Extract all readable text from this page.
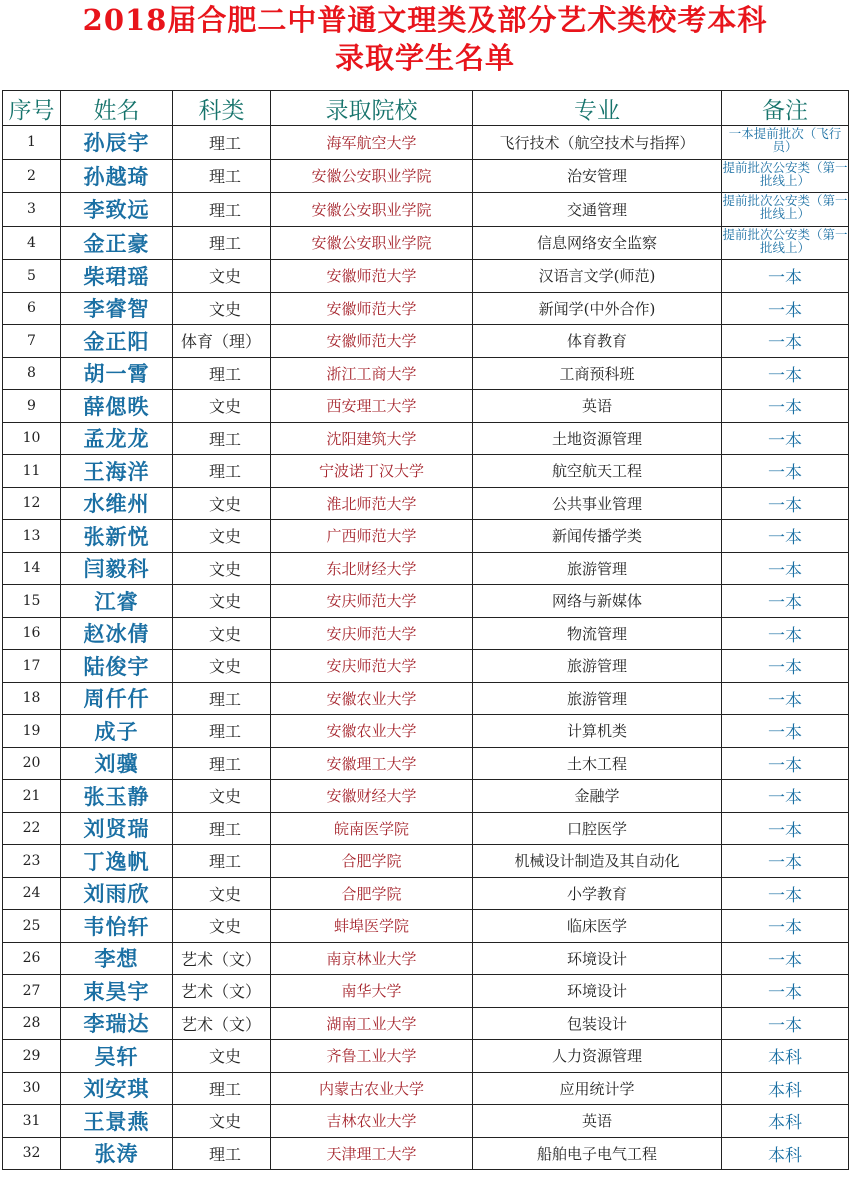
2018届合肥二中普通文理类及部分艺术类校考本科
录取学生名单
序号	姓名	科类	录取院校	专业	备注
1	孙辰宇	理工	海军航空大学	飞行技术（航空技术与指挥）	一本提前批次（飞行员）
2	孙越琦	理工	安徽公安职业学院	治安管理	提前批次公安类（第一批线上）
3	李致远	理工	安徽公安职业学院	交通管理	提前批次公安类（第一批线上）
4	金正豪	理工	安徽公安职业学院	信息网络安全监察	提前批次公安类（第一批线上）
5	柴珺瑶	文史	安徽师范大学	汉语言文学(师范)	一本
6	李睿智	文史	安徽师范大学	新闻学(中外合作)	一本
7	金正阳	体育（理）	安徽师范大学	体育教育	一本
8	胡一霄	理工	浙江工商大学	工商预科班	一本
9	薛偲昳	文史	西安理工大学	英语	一本
10	孟龙龙	理工	沈阳建筑大学	土地资源管理	一本
11	王海洋	理工	宁波诺丁汉大学	航空航天工程	一本
12	水维州	文史	淮北师范大学	公共事业管理	一本
13	张新悦	文史	广西师范大学	新闻传播学类	一本
14	闫毅科	文史	东北财经大学	旅游管理	一本
15	江睿	文史	安庆师范大学	网络与新媒体	一本
16	赵冰倩	文史	安庆师范大学	物流管理	一本
17	陆俊宇	文史	安庆师范大学	旅游管理	一本
18	周仟仟	理工	安徽农业大学	旅游管理	一本
19	成子	理工	安徽农业大学	计算机类	一本
20	刘骥	理工	安徽理工大学	土木工程	一本
21	张玉静	文史	安徽财经大学	金融学	一本
22	刘贤瑞	理工	皖南医学院	口腔医学	一本
23	丁逸帆	理工	合肥学院	机械设计制造及其自动化	一本
24	刘雨欣	文史	合肥学院	小学教育	一本
25	韦怡轩	文史	蚌埠医学院	临床医学	一本
26	李想	艺术（文）	南京林业大学	环境设计	一本
27	束昊宇	艺术（文）	南华大学	环境设计	一本
28	李瑞达	艺术（文）	湖南工业大学	包装设计	一本
29	吴轩	文史	齐鲁工业大学	人力资源管理	本科
30	刘安琪	理工	内蒙古农业大学	应用统计学	本科
31	王景燕	文史	吉林农业大学	英语	本科
32	张涛	理工	天津理工大学	船舶电子电气工程	本科
